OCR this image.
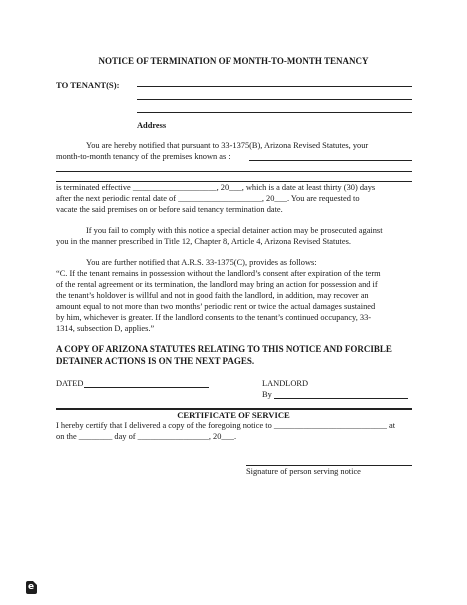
NOTICE OF TERMINATION OF MONTH-TO-MONTH TENANCY
TO TENANT(S):
Address
You are hereby notified that pursuant to 33-1375(B), Arizona Revised Statutes, your
month-to-month tenancy of the premises known as :
is terminated effective ____________________, 20___, which is a date at least thirty (30) days
after the next periodic rental date of ____________________, 20___. You are requested to
vacate the said premises on or before said tenancy termination date.
If you fail to comply with this notice a special detainer action may be prosecuted against
you in the manner prescribed in Title 12, Chapter 8, Article 4, Arizona Revised Statutes.
You are further notified that A.R.S. 33-1375(C), provides as follows:
“C. If the tenant remains in possession without the landlord’s consent after expiration of the term
of the rental agreement or its termination, the landlord may bring an action for possession and if
the tenant’s holdover is willful and not in good faith the landlord, in addition, may recover an
amount equal to not more than two months’ periodic rent or twice the actual damages sustained
by him, whichever is greater. If the landlord consents to the tenant’s continued occupancy, 33-
1314, subsection D, applies.”
A COPY OF ARIZONA STATUTES RELATING TO THIS NOTICE AND FORCIBLE
DETAINER ACTIONS IS ON THE NEXT PAGES.
DATED	LANDLORD
By
CERTIFICATE OF SERVICE
I hereby certify that I delivered a copy of the foregoing notice to ___________________________ at
on the ________ day of _________________, 20___.
Signature of person serving notice
e
